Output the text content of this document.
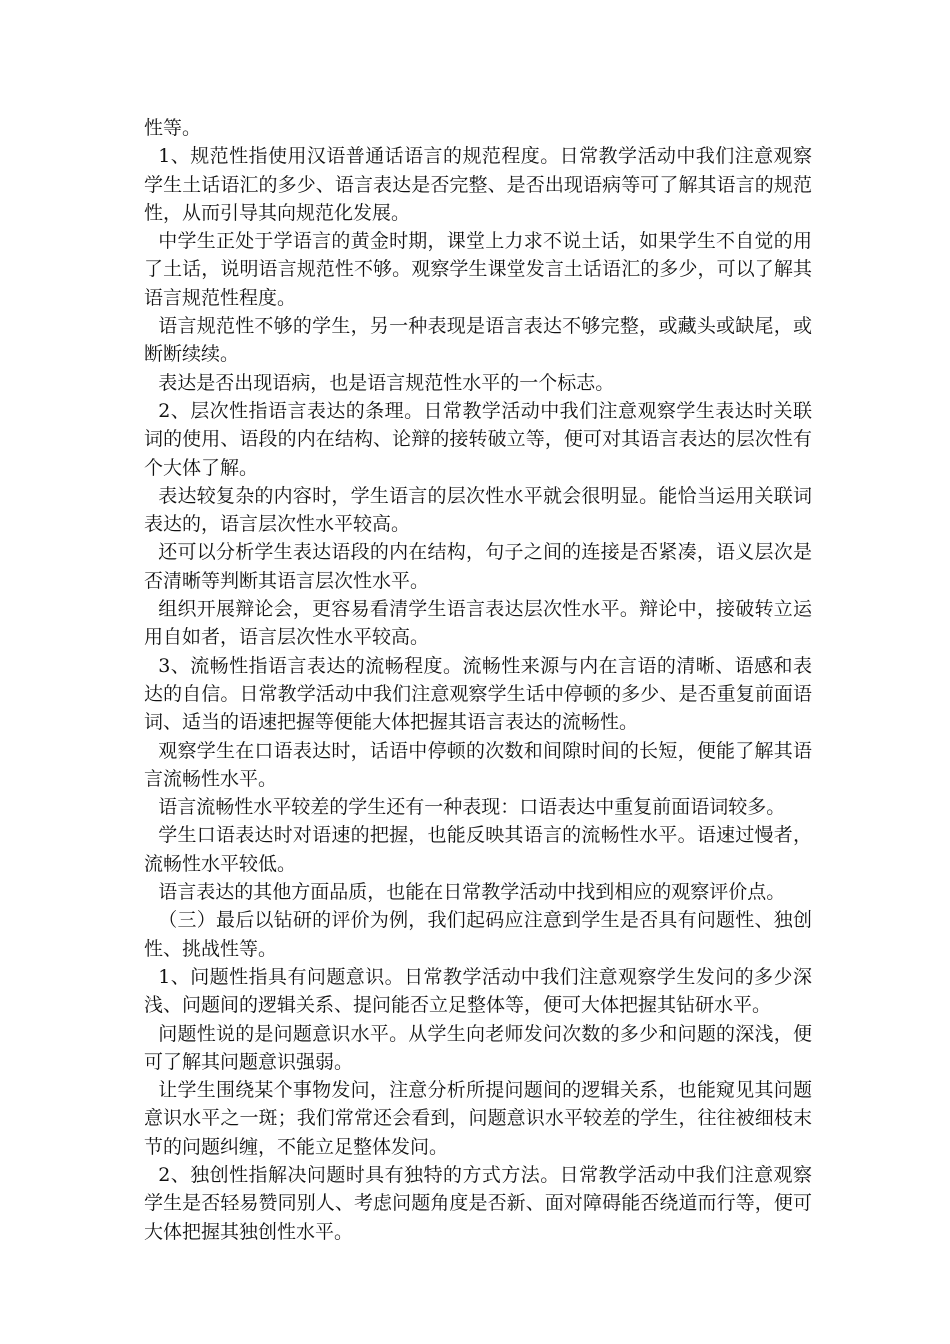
性等。

1、规范性指使用汉语普通话语言的规范程度。日常教学活动中我们注意观察学生土话语汇的多少、语言表达是否完整、是否出现语病等可了解其语言的规范性，从而引导其向规范化发展。

中学生正处于学语言的黄金时期，课堂上力求不说土话，如果学生不自觉的用了土话，说明语言规范性不够。观察学生课堂发言土话语汇的多少，可以了解其语言规范性程度。

语言规范性不够的学生，另一种表现是语言表达不够完整，或藏头或缺尾，或断断续续。

表达是否出现语病，也是语言规范性水平的一个标志。

2、层次性指语言表达的条理。日常教学活动中我们注意观察学生表达时关联词的使用、语段的内在结构、论辩的接转破立等，便可对其语言表达的层次性有个大体了解。

表达较复杂的内容时，学生语言的层次性水平就会很明显。能恰当运用关联词表达的，语言层次性水平较高。

还可以分析学生表达语段的内在结构，句子之间的连接是否紧凑，语义层次是否清晰等判断其语言层次性水平。

组织开展辩论会，更容易看清学生语言表达层次性水平。辩论中，接破转立运用自如者，语言层次性水平较高。

3、流畅性指语言表达的流畅程度。流畅性来源与内在言语的清晰、语感和表达的自信。日常教学活动中我们注意观察学生话中停顿的多少、是否重复前面语词、适当的语速把握等便能大体把握其语言表达的流畅性。

观察学生在口语表达时，话语中停顿的次数和间隙时间的长短，便能了解其语言流畅性水平。

语言流畅性水平较差的学生还有一种表现：口语表达中重复前面语词较多。

学生口语表达时对语速的把握，也能反映其语言的流畅性水平。语速过慢者，流畅性水平较低。

语言表达的其他方面品质，也能在日常教学活动中找到相应的观察评价点。

（三）最后以钻研的评价为例，我们起码应注意到学生是否具有问题性、独创性、挑战性等。

1、问题性指具有问题意识。日常教学活动中我们注意观察学生发问的多少深浅、问题间的逻辑关系、提问能否立足整体等，便可大体把握其钻研水平。

问题性说的是问题意识水平。从学生向老师发问次数的多少和问题的深浅，便可了解其问题意识强弱。

让学生围绕某个事物发问，注意分析所提问题间的逻辑关系，也能窥见其问题意识水平之一斑；我们常常还会看到，问题意识水平较差的学生，往往被细枝末节的问题纠缠，不能立足整体发问。

2、独创性指解决问题时具有独特的方式方法。日常教学活动中我们注意观察学生是否轻易赞同别人、考虑问题角度是否新、面对障碍能否绕道而行等，便可大体把握其独创性水平。
